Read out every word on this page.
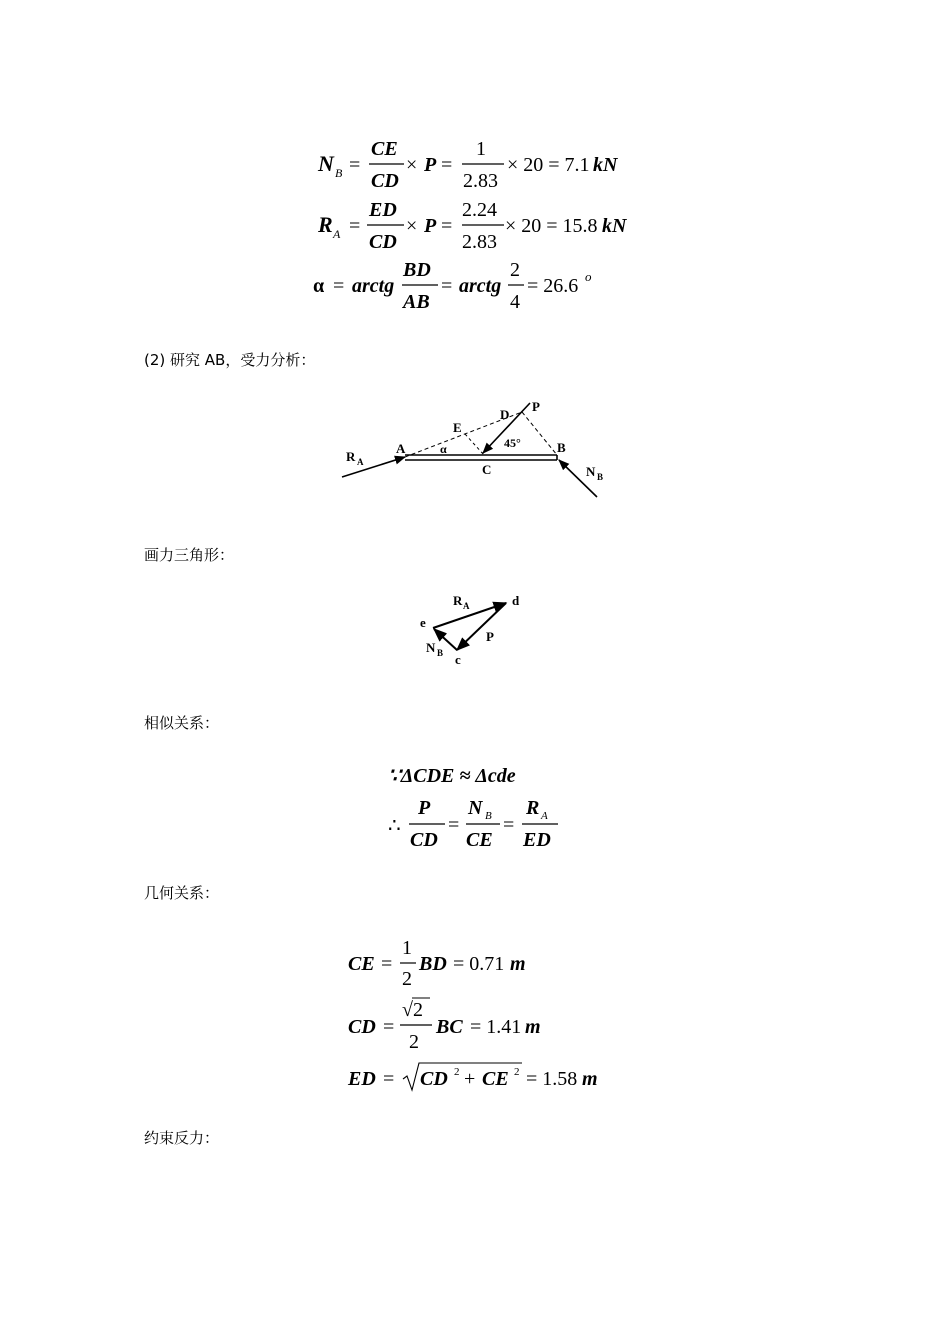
N B =
CE
CD
× P =
1
2.83
× 20 = 7.1 kN
R A =
ED
CD
× P =
2.24
2.83
× 20 = 15.8 kN
α = arctg
BD
AB
= arctg
2
4
= 26.6 o
(2) 研究 AB，受力分析：
R A
A
E
α
D
P
45°	B
C	N B
画力三角形：
R A	d
e
P
N B c
相似关系：
∵ΔCDE ≈ Δcde
∴
P
CD
=
N B
CE
=
R A
ED
几何关系：
CE =
1
2
BD = 0.71 m
CD =
√2
2
BC = 1.41 m
ED = CD 2 + CE 2 = 1.58 m
约束反力：
